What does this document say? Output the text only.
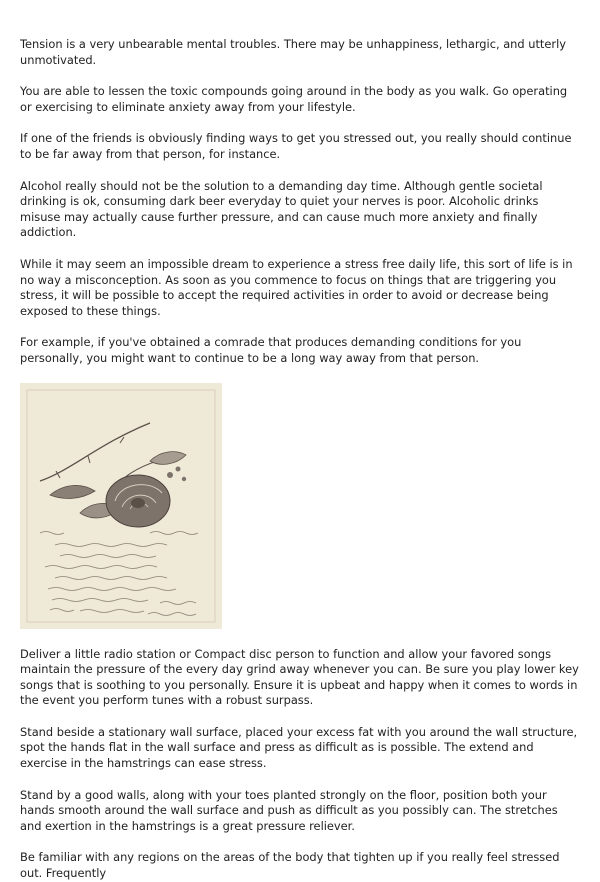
Tension is a very unbearable mental troubles. There may be unhappiness, lethargic, and utterly unmotivated.

You are able to lessen the toxic compounds going around in the body as you walk. Go operating or exercising to eliminate anxiety away from your lifestyle.

If one of the friends is obviously finding ways to get you stressed out, you really should continue to be far away from that person, for instance.

Alcohol really should not be the solution to a demanding day time. Although gentle societal drinking is ok, consuming dark beer everyday to quiet your nerves is poor. Alcoholic drinks misuse may actually cause further pressure, and can cause much more anxiety and finally addiction.

While it may seem an impossible dream to experience a stress free daily life, this sort of life is in no way a misconception. As soon as you commence to focus on things that are triggering you stress, it will be possible to accept the required activities in order to avoid or decrease being exposed to these things.

For example, if you've obtained a comrade that produces demanding conditions for you personally, you might want to continue to be a long way away from that person.

Deliver a little radio station or Compact disc person to function and allow your favored songs maintain the pressure of the every day grind away whenever you can. Be sure you play lower key songs that is soothing to you personally. Ensure it is upbeat and happy when it comes to words in the event you perform tunes with a robust surpass.

Stand beside a stationary wall surface, placed your excess fat with you around the wall structure, spot the hands flat in the wall surface and press as difficult as is possible. The extend and exercise in the hamstrings can ease stress.

Stand by a good walls, along with your toes planted strongly on the floor, position both your hands smooth around the wall surface and push as difficult as you possibly can. The stretches and exertion in the hamstrings is a great pressure reliever.

Be familiar with any regions on the areas of the body that tighten up if you really feel stressed out. Frequently
